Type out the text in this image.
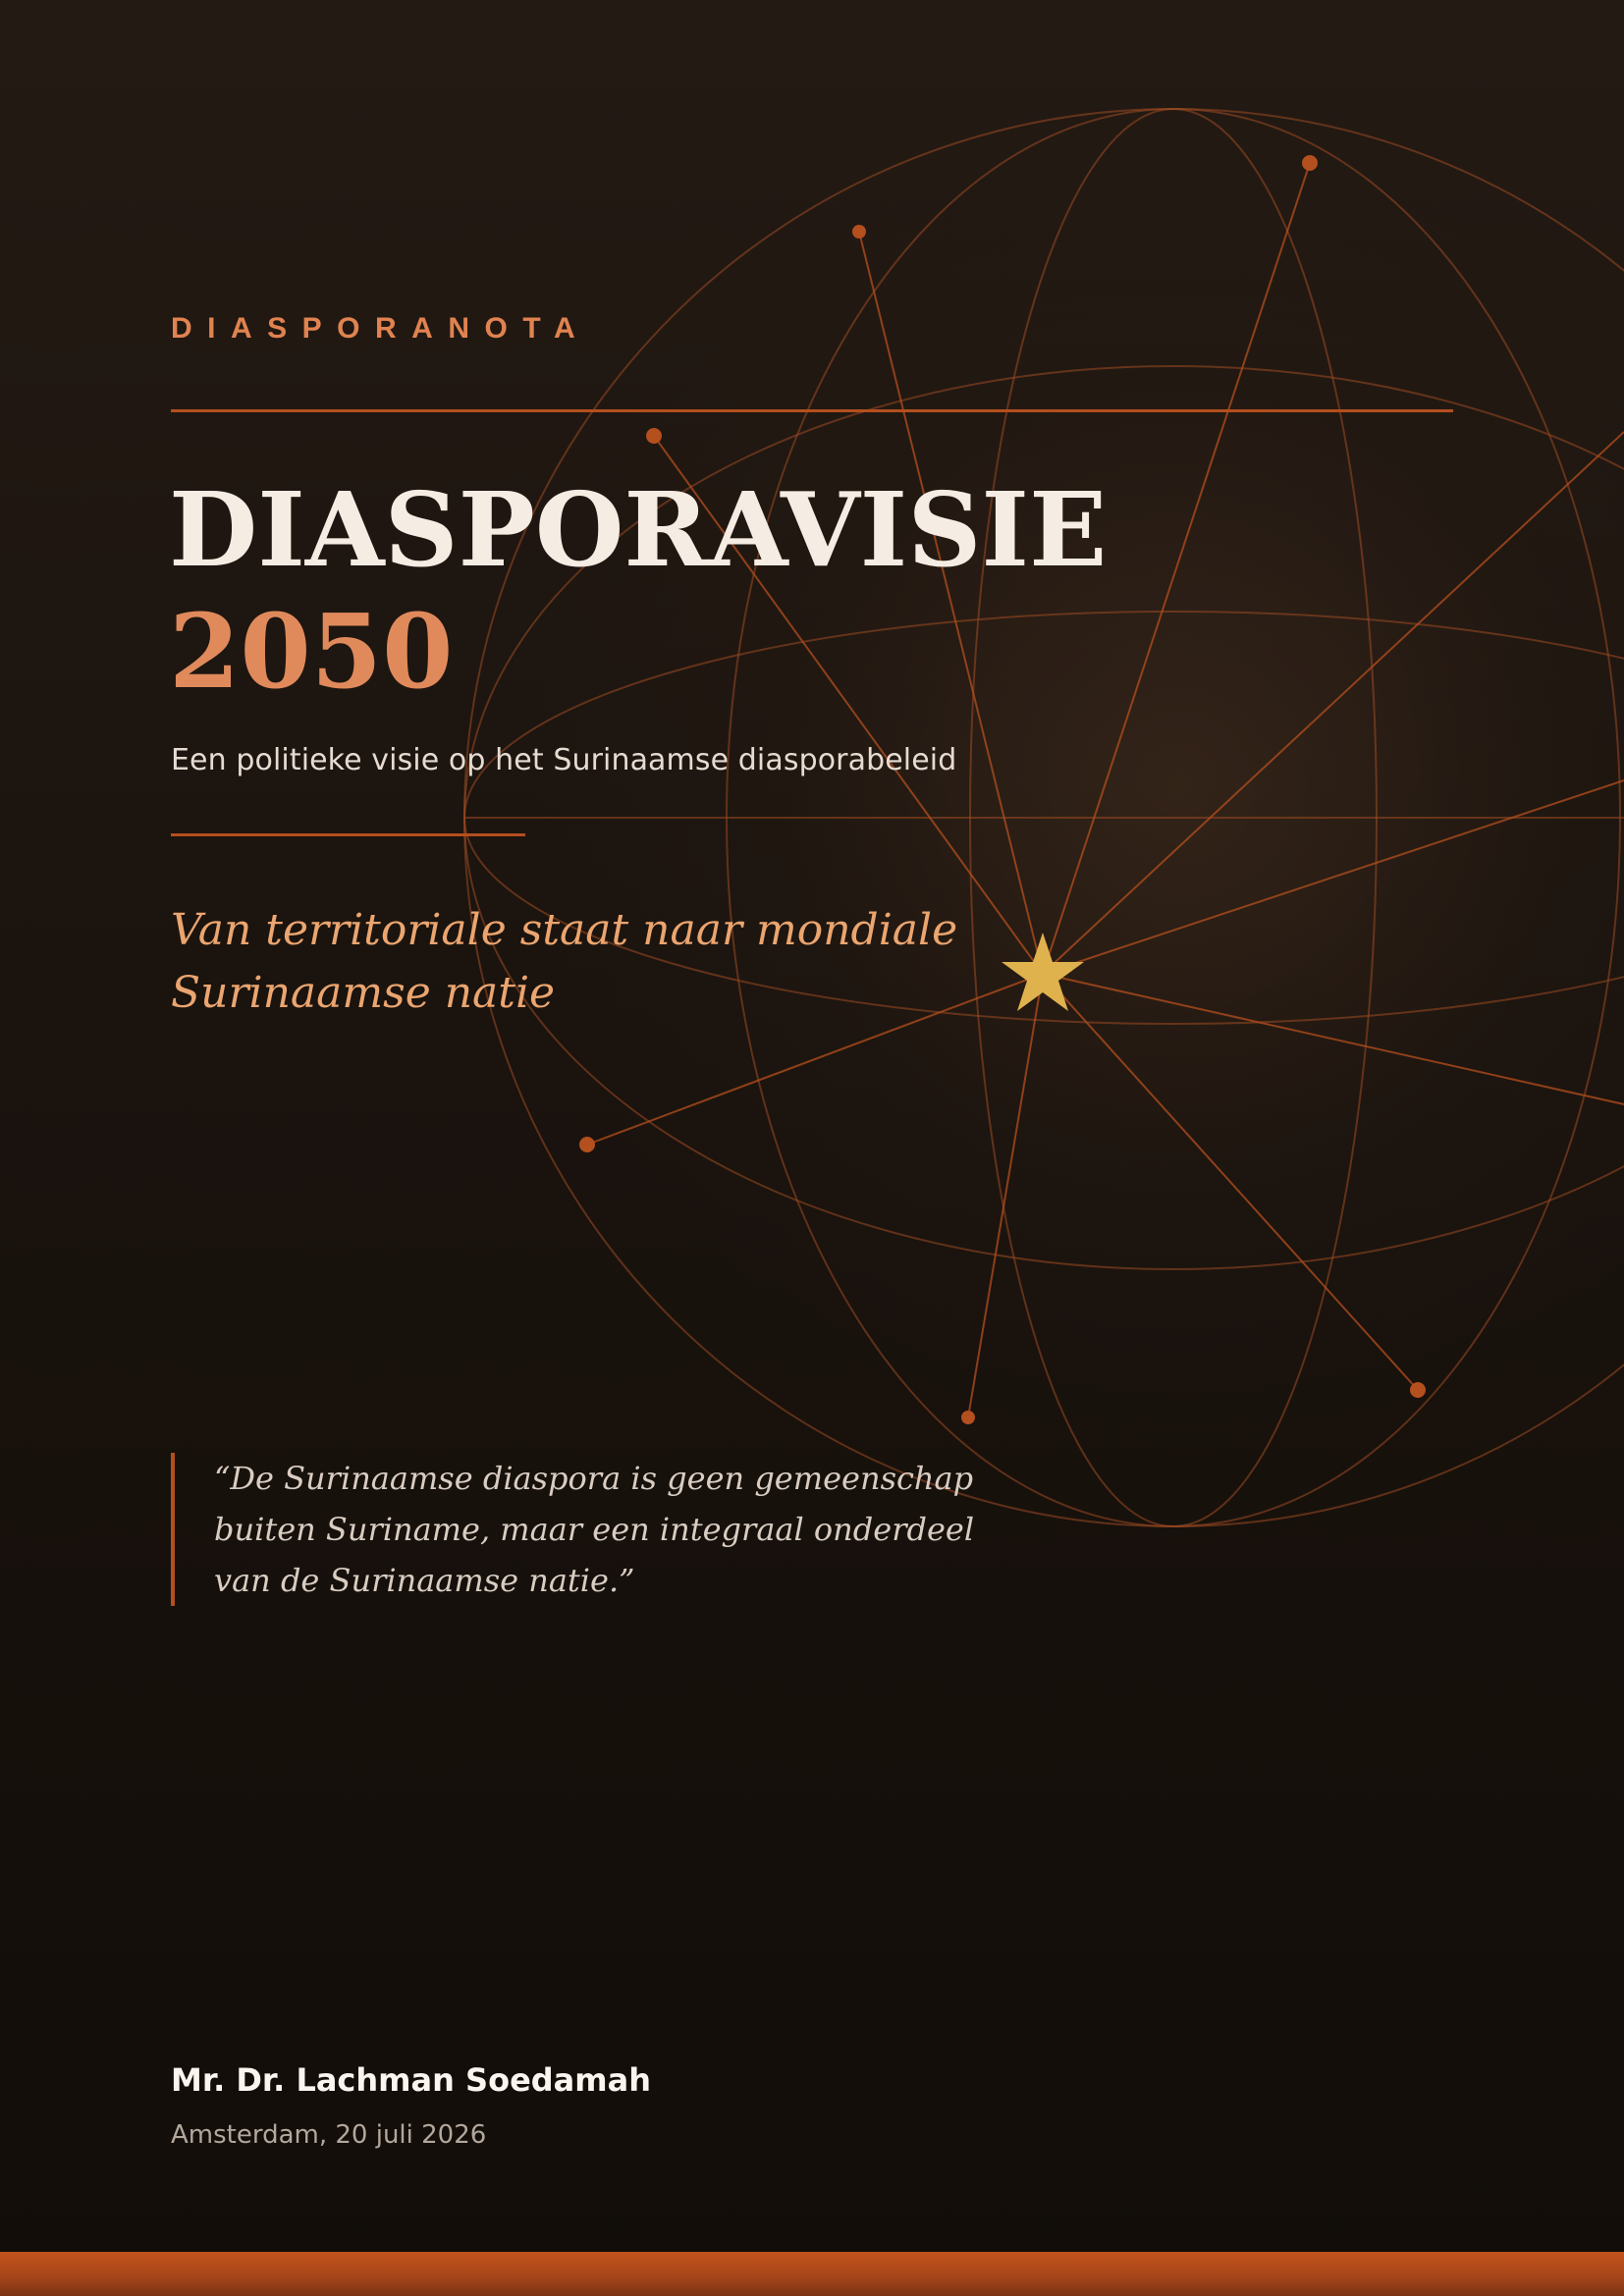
DIASPORANOTA

DIASPORAVISIE
2050

Een politieke visie op het Surinaamse diasporabeleid

Van territoriale staat naar mondiale Surinaamse natie

“De Surinaamse diaspora is geen gemeenschap buiten Suriname, maar een integraal onderdeel van de Surinaamse natie.”

Mr. Dr. Lachman Soedamah

Amsterdam, 20 juli 2026
